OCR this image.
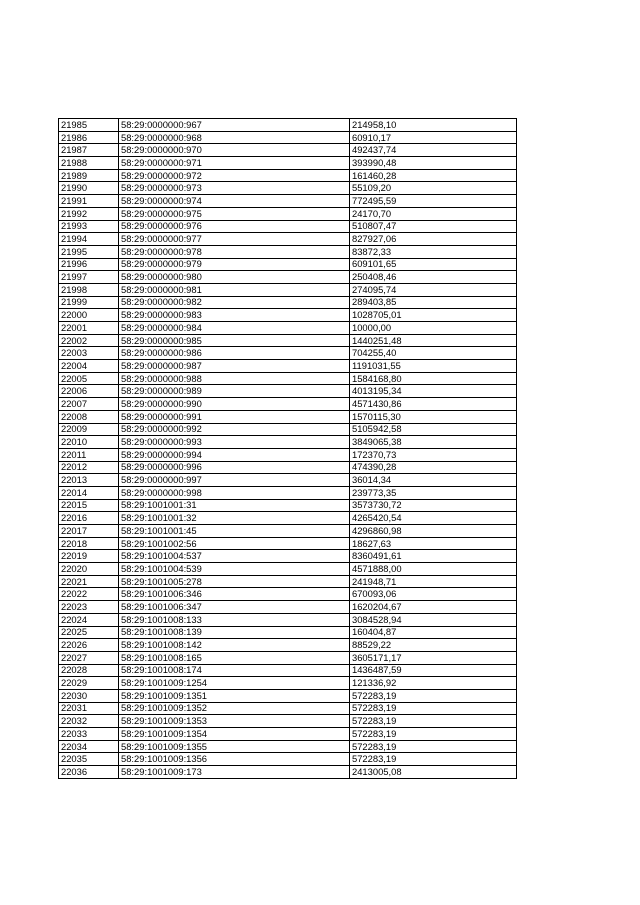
21985	58:29:0000000:967	214958,10
21986	58:29:0000000:968	60910,17
21987	58:29:0000000:970	492437,74
21988	58:29:0000000:971	393990,48
21989	58:29:0000000:972	161460,28
21990	58:29:0000000:973	55109,20
21991	58:29:0000000:974	772495,59
21992	58:29:0000000:975	24170,70
21993	58:29:0000000:976	510807,47
21994	58:29:0000000:977	827927,06
21995	58:29:0000000:978	83872,33
21996	58:29:0000000:979	609101,65
21997	58:29:0000000:980	250408,46
21998	58:29:0000000:981	274095,74
21999	58:29:0000000:982	289403,85
22000	58:29:0000000:983	1028705,01
22001	58:29:0000000:984	10000,00
22002	58:29:0000000:985	1440251,48
22003	58:29:0000000:986	704255,40
22004	58:29:0000000:987	1191031,55
22005	58:29:0000000:988	1584168,80
22006	58:29:0000000:989	4013195,34
22007	58:29:0000000:990	4571430,86
22008	58:29:0000000:991	1570115,30
22009	58:29:0000000:992	5105942,58
22010	58:29:0000000:993	3849065,38
22011	58:29:0000000:994	172370,73
22012	58:29:0000000:996	474390,28
22013	58:29:0000000:997	36014,34
22014	58:29:0000000:998	239773,35
22015	58:29:1001001:31	3573730,72
22016	58:29:1001001:32	4265420,54
22017	58:29:1001001:45	4296860,98
22018	58:29:1001002:56	18627,63
22019	58:29:1001004:537	8360491,61
22020	58:29:1001004:539	4571888,00
22021	58:29:1001005:278	241948,71
22022	58:29:1001006:346	670093,06
22023	58:29:1001006:347	1620204,67
22024	58:29:1001008:133	3084528,94
22025	58:29:1001008:139	160404,87
22026	58:29:1001008:142	88529,22
22027	58:29:1001008:165	3605171,17
22028	58:29:1001008:174	1436487,59
22029	58:29:1001009:1254	121336,92
22030	58:29:1001009:1351	572283,19
22031	58:29:1001009:1352	572283,19
22032	58:29:1001009:1353	572283,19
22033	58:29:1001009:1354	572283,19
22034	58:29:1001009:1355	572283,19
22035	58:29:1001009:1356	572283,19
22036	58:29:1001009:173	2413005,08
